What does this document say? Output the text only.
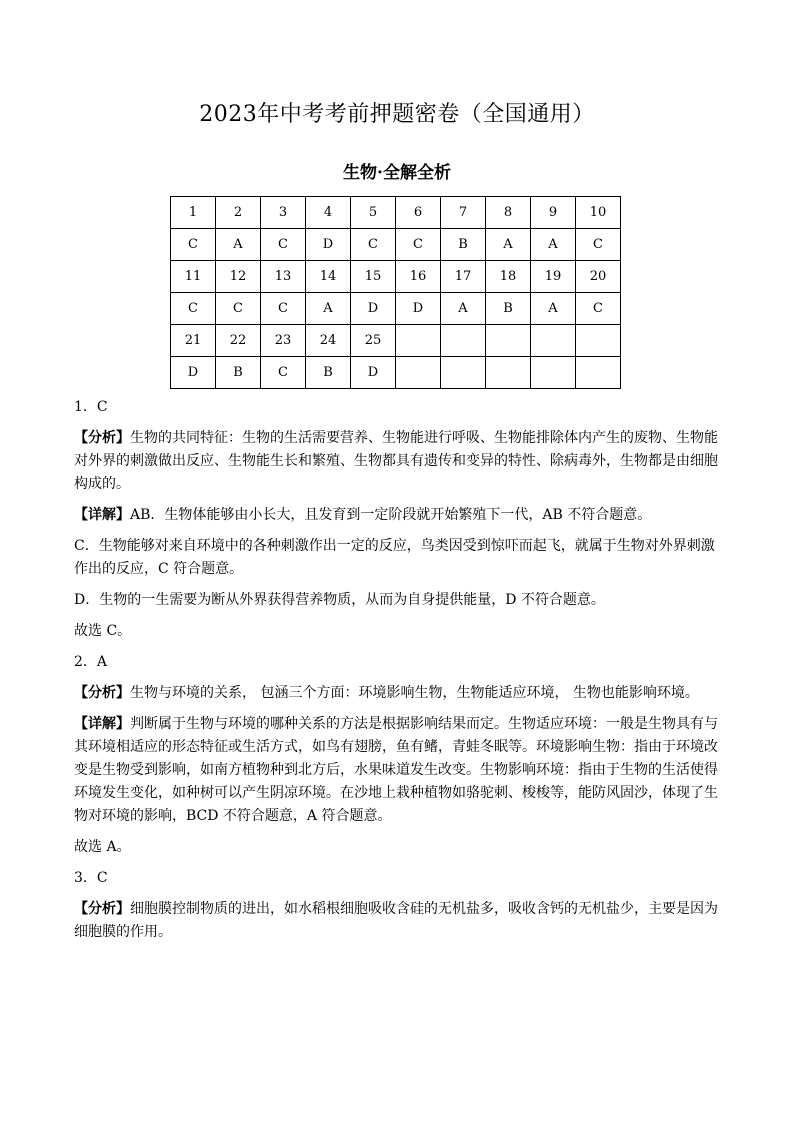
2023年中考考前押题密卷（全国通用）
生物·全解全析
1	2	3	4	5	6	7	8	9	10
C	A	C	D	C	C	B	A	A	C
11	12	13	14	15	16	17	18	19	20
C	C	C	A	D	D	A	B	A	C
21	22	23	24	25					
D	B	C	B	D					

1．C

【分析】生物的共同特征：生物的生活需要营养、生物能进行呼吸、生物能排除体内产生的废物、生物能对外界的刺激做出反应、生物能生长和繁殖、生物都具有遗传和变异的特性、除病毒外，生物都是由细胞构成的。

【详解】AB．生物体能够由小长大，且发育到一定阶段就开始繁殖下一代，AB 不符合题意。

C．生物能够对来自环境中的各种刺激作出一定的反应，鸟类因受到惊吓而起飞，就属于生物对外界刺激作出的反应，C 符合题意。

D．生物的一生需要为断从外界获得营养物质，从而为自身提供能量，D 不符合题意。

故选 C。

2．A

【分析】生物与环境的关系， 包涵三个方面：环境影响生物，生物能适应环境， 生物也能影响环境。

【详解】判断属于生物与环境的哪种关系的方法是根据影响结果而定。生物适应环境：一般是生物具有与其环境相适应的形态特征或生活方式，如鸟有翅膀，鱼有鳍，青蛙冬眠等。环境影响生物：指由于环境改变是生物受到影响，如南方植物种到北方后，水果味道发生改变。生物影响环境：指由于生物的生活使得环境发生变化，如种树可以产生阴凉环境。在沙地上栽种植物如骆驼刺、梭梭等，能防风固沙，体现了生物对环境的影响，BCD 不符合题意，A 符合题意。

故选 A。

3．C

【分析】细胞膜控制物质的进出，如水稻根细胞吸收含硅的无机盐多，吸收含钙的无机盐少，主要是因为细胞膜的作用。
